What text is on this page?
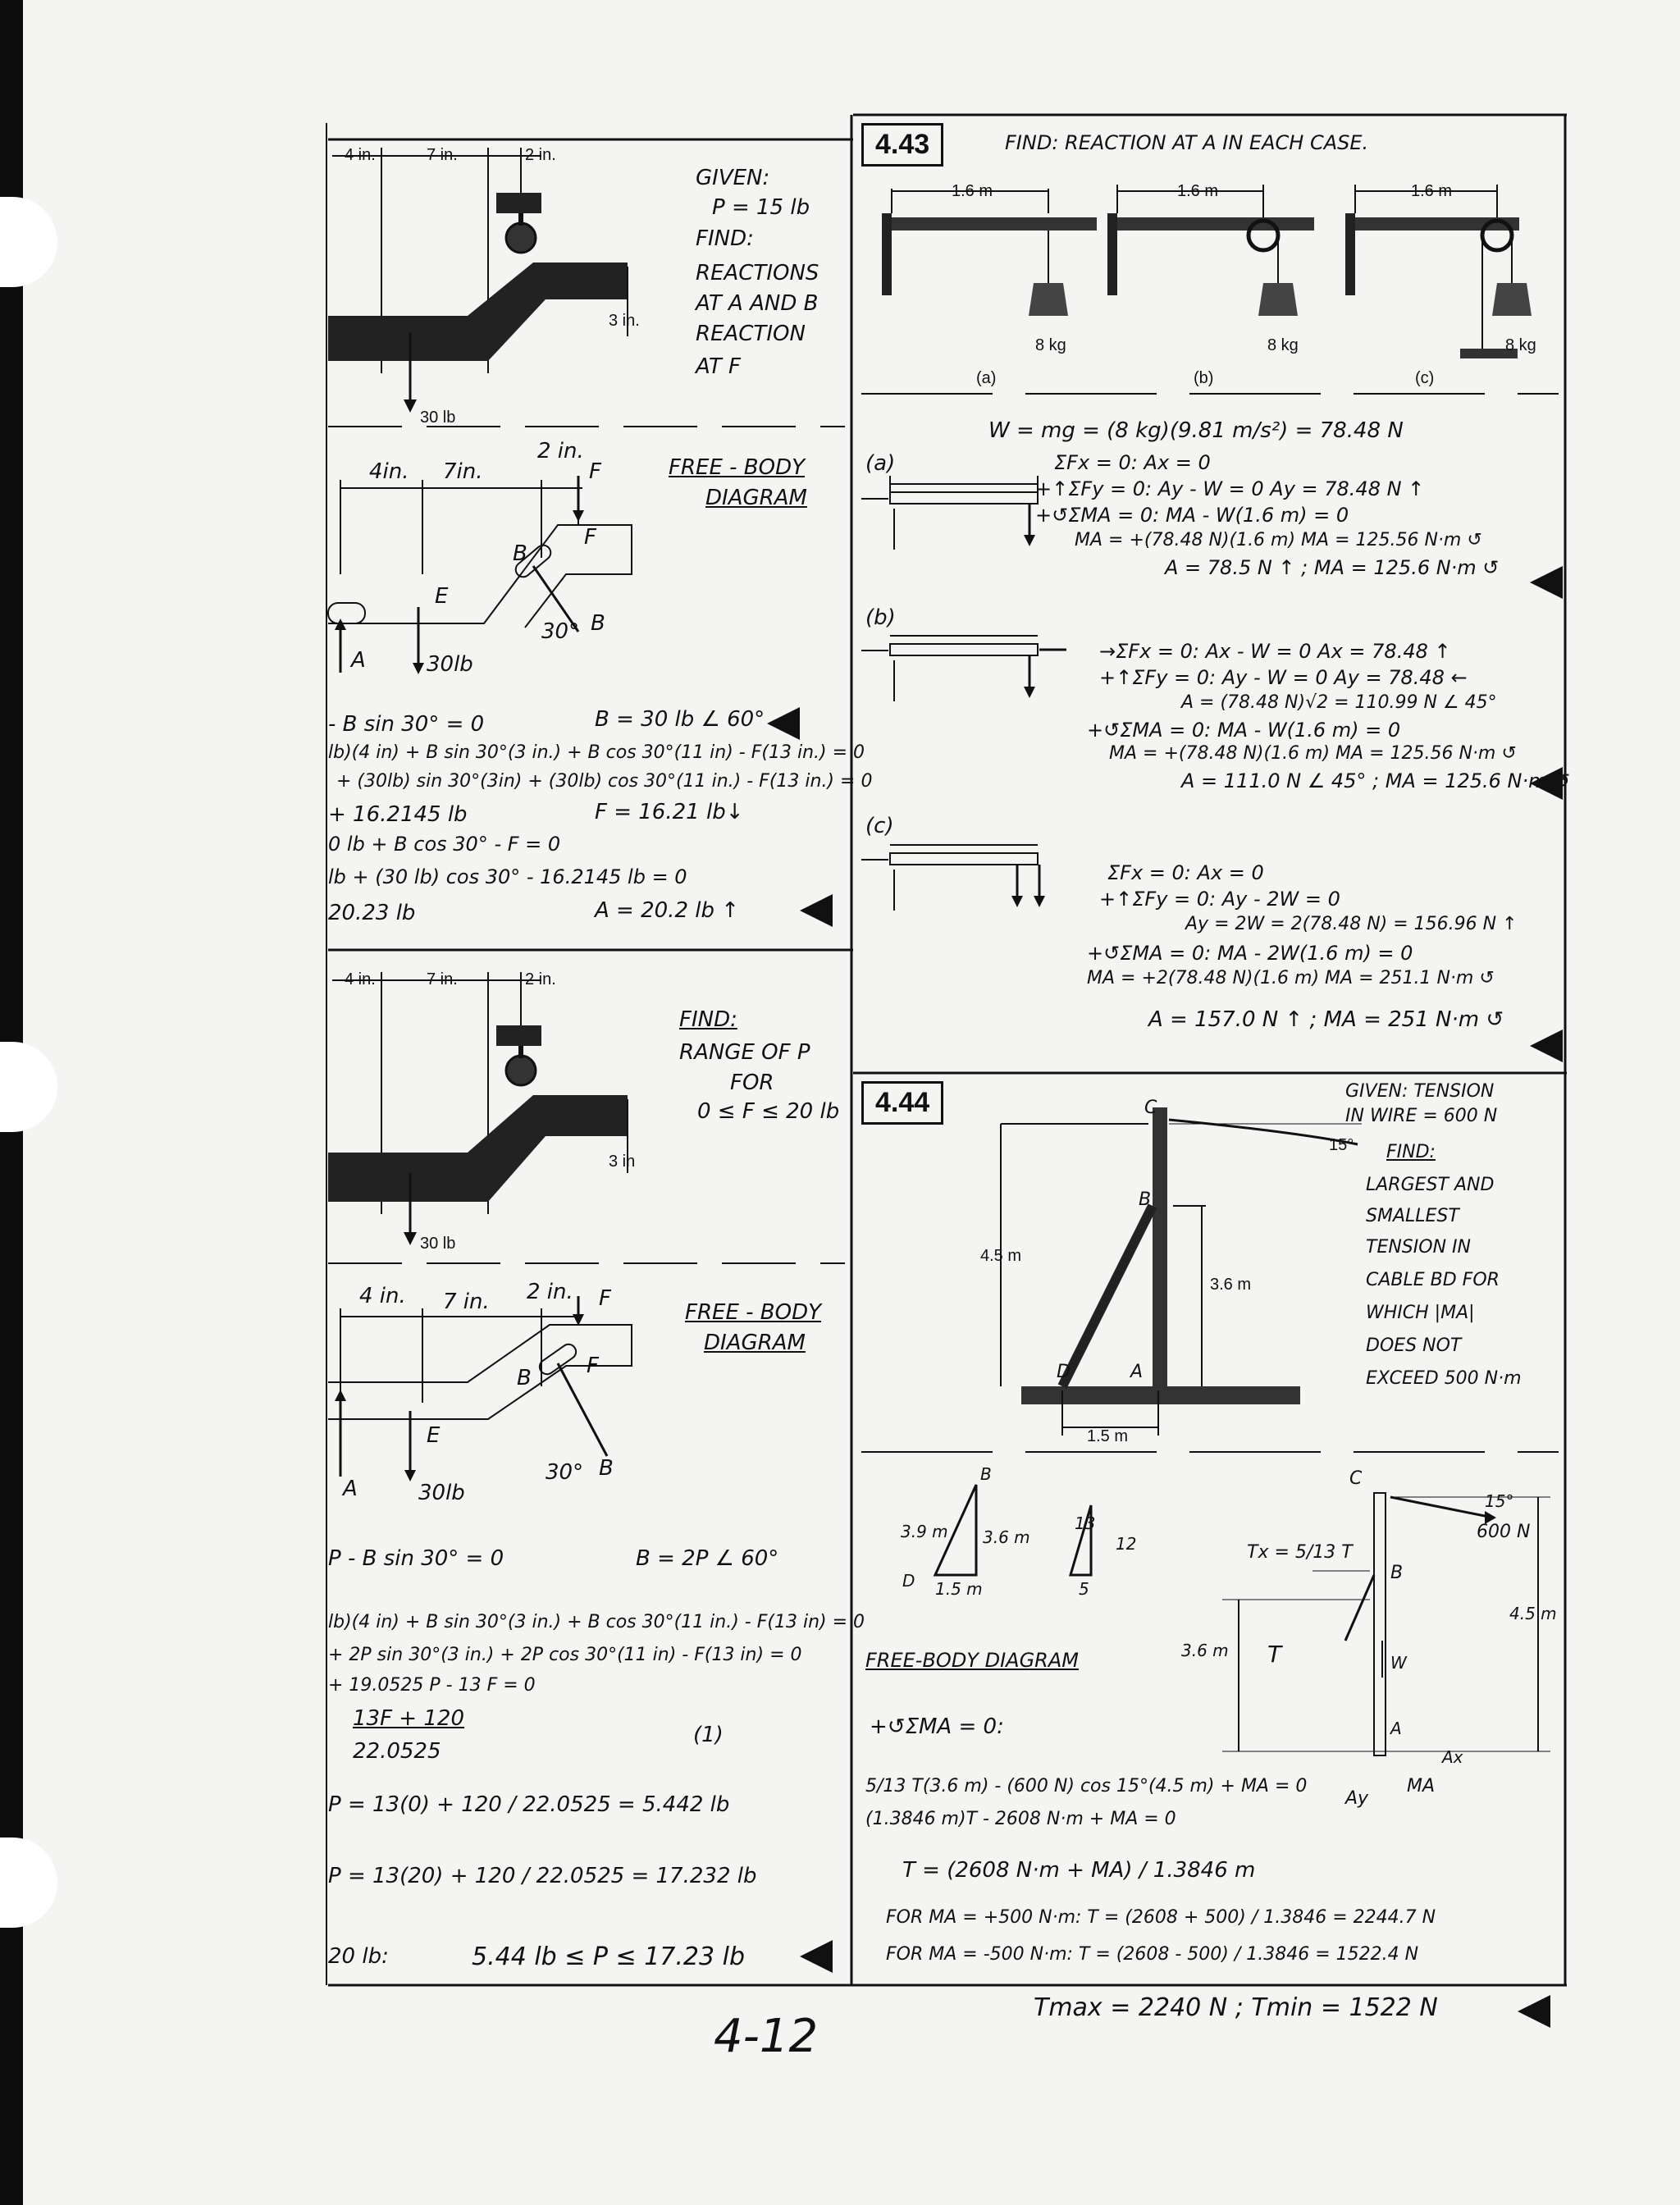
4 in.	7 in.	2 in.
3 in.
30 lb
GIVEN:
P = 15 lb
FIND:
REACTIONS
AT A AND B
REACTION
AT F
4in. 7in.
2 in.
F
B
E
A	30lb
30° B
F
FREE - BODY
DIAGRAM
- B sin 30° = 0	B = 30 lb ∠ 60°
lb)(4 in) + B sin 30°(3 in.) + B cos 30°(11 in) - F(13 in.) = 0
+ (30lb) sin 30°(3in) + (30lb) cos 30°(11 in.) - F(13 in.) = 0
+ 16.2145 lb	F = 16.21 lb↓
0 lb + B cos 30° - F = 0
lb + (30 lb) cos 30° - 16.2145 lb = 0
20.23 lb	A = 20.2 lb ↑
4 in.	7 in.	2 in.
3 in
30 lb
FIND:
RANGE OF P
FOR
0 ≤ F ≤ 20 lb
4 in. 7 in. 2 in. F
B
E
A	30lb
30° B
F
FREE - BODY
DIAGRAM
P - B sin 30° = 0	B = 2P ∠ 60°
lb)(4 in) + B sin 30°(3 in.) + B cos 30°(11 in.) - F(13 in) = 0
+ 2P sin 30°(3 in.) + 2P cos 30°(11 in) - F(13 in) = 0
+ 19.0525 P - 13 F = 0
13F + 120
22.0525
(1)
P = 13(0) + 120 / 22.0525 = 5.442 lb
P = 13(20) + 120 / 22.0525 = 17.232 lb
20 lb:	5.44 lb ≤ P ≤ 17.23 lb
4.43	FIND: REACTION AT A IN EACH CASE.
1.6 m	1.6 m	1.6 m
8 kg	8 kg	8 kg
(a)	(b)	(c)
W = mg = (8 kg)(9.81 m/s²) = 78.48 N
(a)	ΣFx = 0: Ax = 0
+↑ΣFy = 0: Ay - W = 0 Ay = 78.48 N ↑
+↺ΣMA = 0: MA - W(1.6 m) = 0
MA = +(78.48 N)(1.6 m) MA = 125.56 N·m ↺
A = 78.5 N ↑ ; MA = 125.6 N·m ↺
(b)
→ΣFx = 0: Ax - W = 0 Ax = 78.48 ↑
+↑ΣFy = 0: Ay - W = 0 Ay = 78.48 ←
A = (78.48 N)√2 = 110.99 N ∠ 45°
+↺ΣMA = 0: MA - W(1.6 m) = 0
MA = +(78.48 N)(1.6 m) MA = 125.56 N·m ↺
A = 111.0 N ∠ 45° ; MA = 125.6 N·m ↺
(c)
ΣFx = 0: Ax = 0
+↑ΣFy = 0: Ay - 2W = 0
Ay = 2W = 2(78.48 N) = 156.96 N ↑
+↺ΣMA = 0: MA - 2W(1.6 m) = 0
MA = +2(78.48 N)(1.6 m) MA = 251.1 N·m ↺
A = 157.0 N ↑ ; MA = 251 N·m ↺
4.44	C
B
D	A
4.5 m
3.6 m
1.5 m
15°
GIVEN: TENSION
IN WIRE = 600 N
FIND:
LARGEST AND
SMALLEST
TENSION IN
CABLE BD FOR
WHICH |MA|
DOES NOT
EXCEED 500 N·m
3.9 m 3.6 m
1.5 m
B
D
13
12
5
C
600 N
15°
Tx = 5/13 T
B
4.5 m
3.6 m T
A
Ay
MA
Ax
W
FREE-BODY DIAGRAM
+↺ΣMA = 0:
5/13 T(3.6 m) - (600 N) cos 15°(4.5 m) + MA = 0
(1.3846 m)T - 2608 N·m + MA = 0
T = (2608 N·m + MA) / 1.3846 m
FOR MA = +500 N·m: T = (2608 + 500) / 1.3846 = 2244.7 N
FOR MA = -500 N·m: T = (2608 - 500) / 1.3846 = 1522.4 N
Tmax = 2240 N ; Tmin = 1522 N
4-12
